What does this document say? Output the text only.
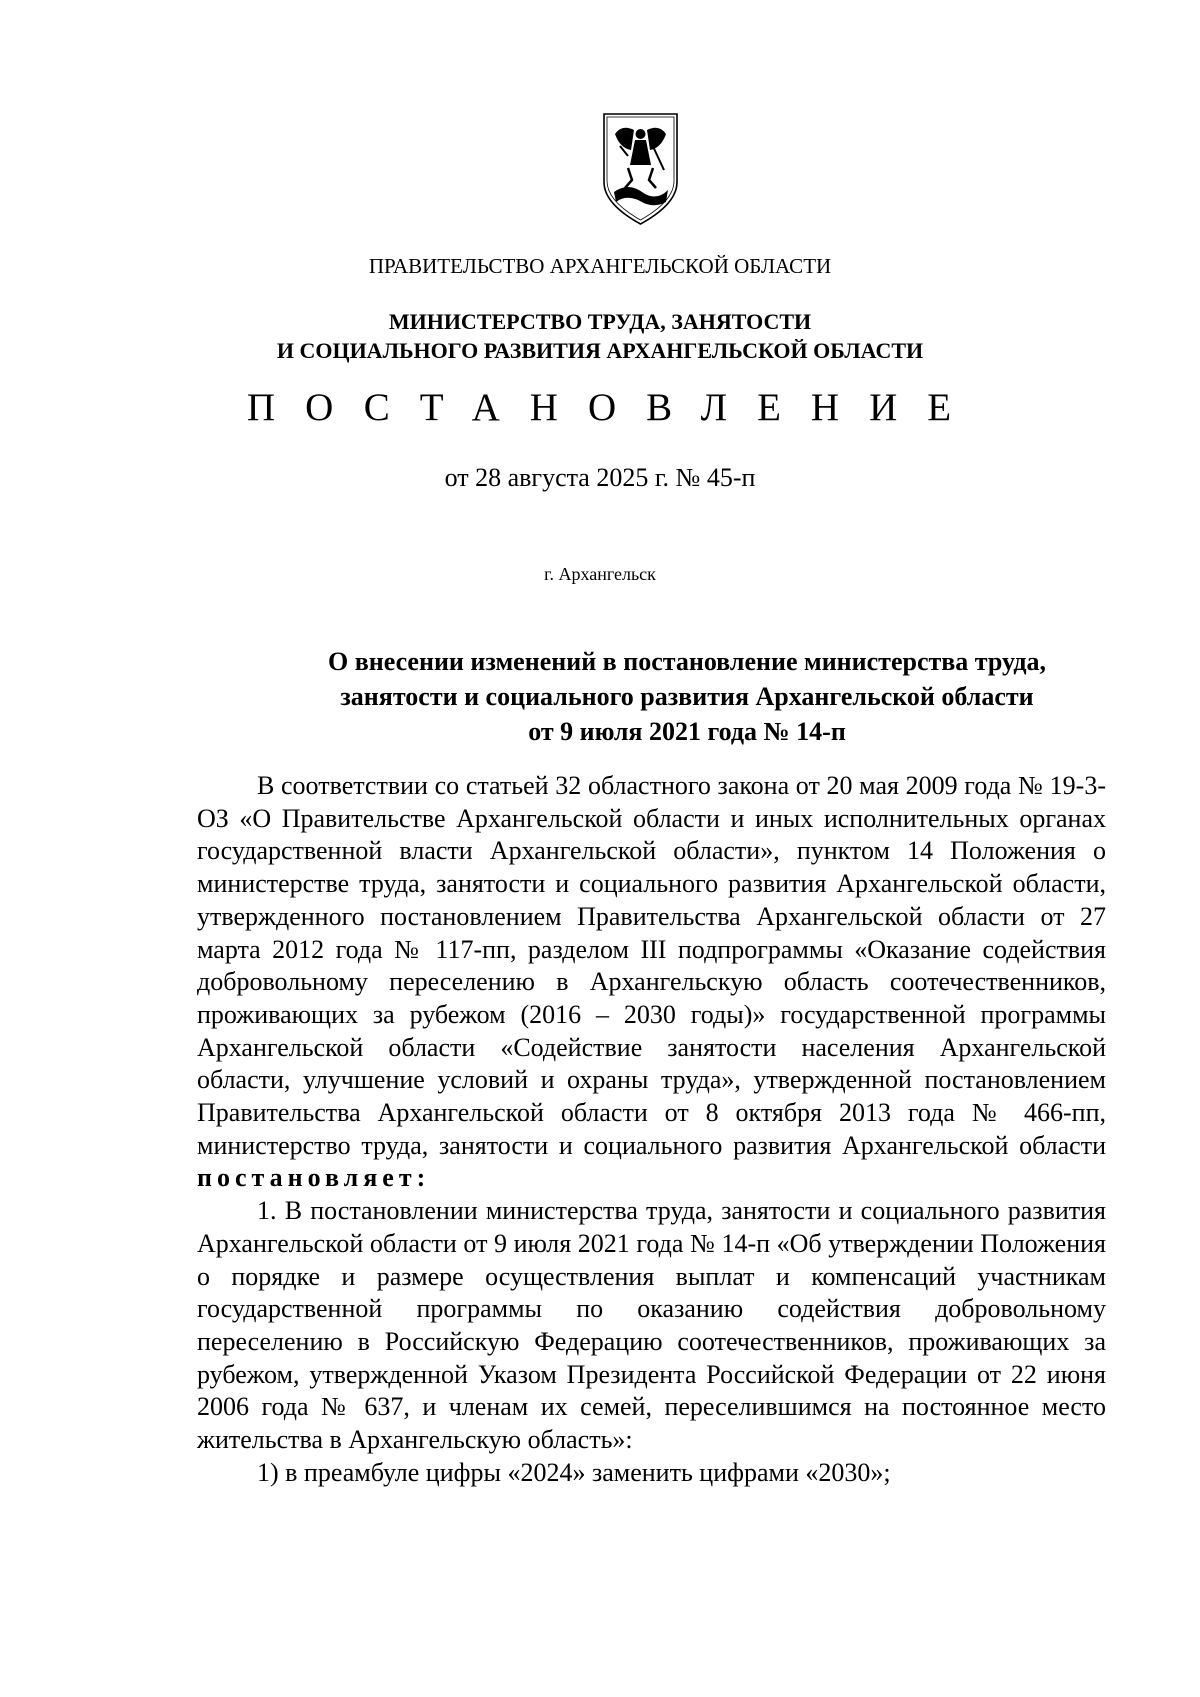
ПРАВИТЕЛЬСТВО АРХАНГЕЛЬСКОЙ ОБЛАСТИ
МИНИСТЕРСТВО ТРУДА, ЗАНЯТОСТИ
И СОЦИАЛЬНОГО РАЗВИТИЯ АРХАНГЕЛЬСКОЙ ОБЛАСТИ
ПОСТАНОВЛЕНИЕ
от 28 августа 2025 г. № 45-п
г. Архангельск
О внесении изменений в постановление министерства труда,
занятости и социального развития Архангельской области
от 9 июля 2021 года № 14-п

В соответствии со статьей 32 областного закона от 20 мая 2009 года № 19-3-ОЗ «О Правительстве Архангельской области и иных исполнительных органах государственной власти Архангельской области», пунктом 14 Положения о министерстве труда, занятости и социального развития Архангельской области, утвержденного постановлением Правительства Архангельской области от 27 марта 2012 года № 117-пп, разделом III подпрограммы «Оказание содействия добровольному переселению в Архангельскую область соотечественников, проживающих за рубежом (2016 – 2030 годы)» государственной программы Архангельской области «Содействие занятости населения Архангельской области, улучшение условий и охраны труда», утвержденной постановлением Правительства Архангельской области от 8 октября 2013 года № 466-пп, министерство труда, занятости и социального развития Архангельской области постановляет:

1. В постановлении министерства труда, занятости и социального развития Архангельской области от 9 июля 2021 года № 14-п «Об утверждении Положения о порядке и размере осуществления выплат и компенсаций участникам государственной программы по оказанию содействия добровольному переселению в Российскую Федерацию соотечественников, проживающих за рубежом, утвержденной Указом Президента Российской Федерации от 22 июня 2006 года № 637, и членам их семей, переселившимся на постоянное место жительства в Архангельскую область»:

1) в преамбуле цифры «2024» заменить цифрами «2030»;
